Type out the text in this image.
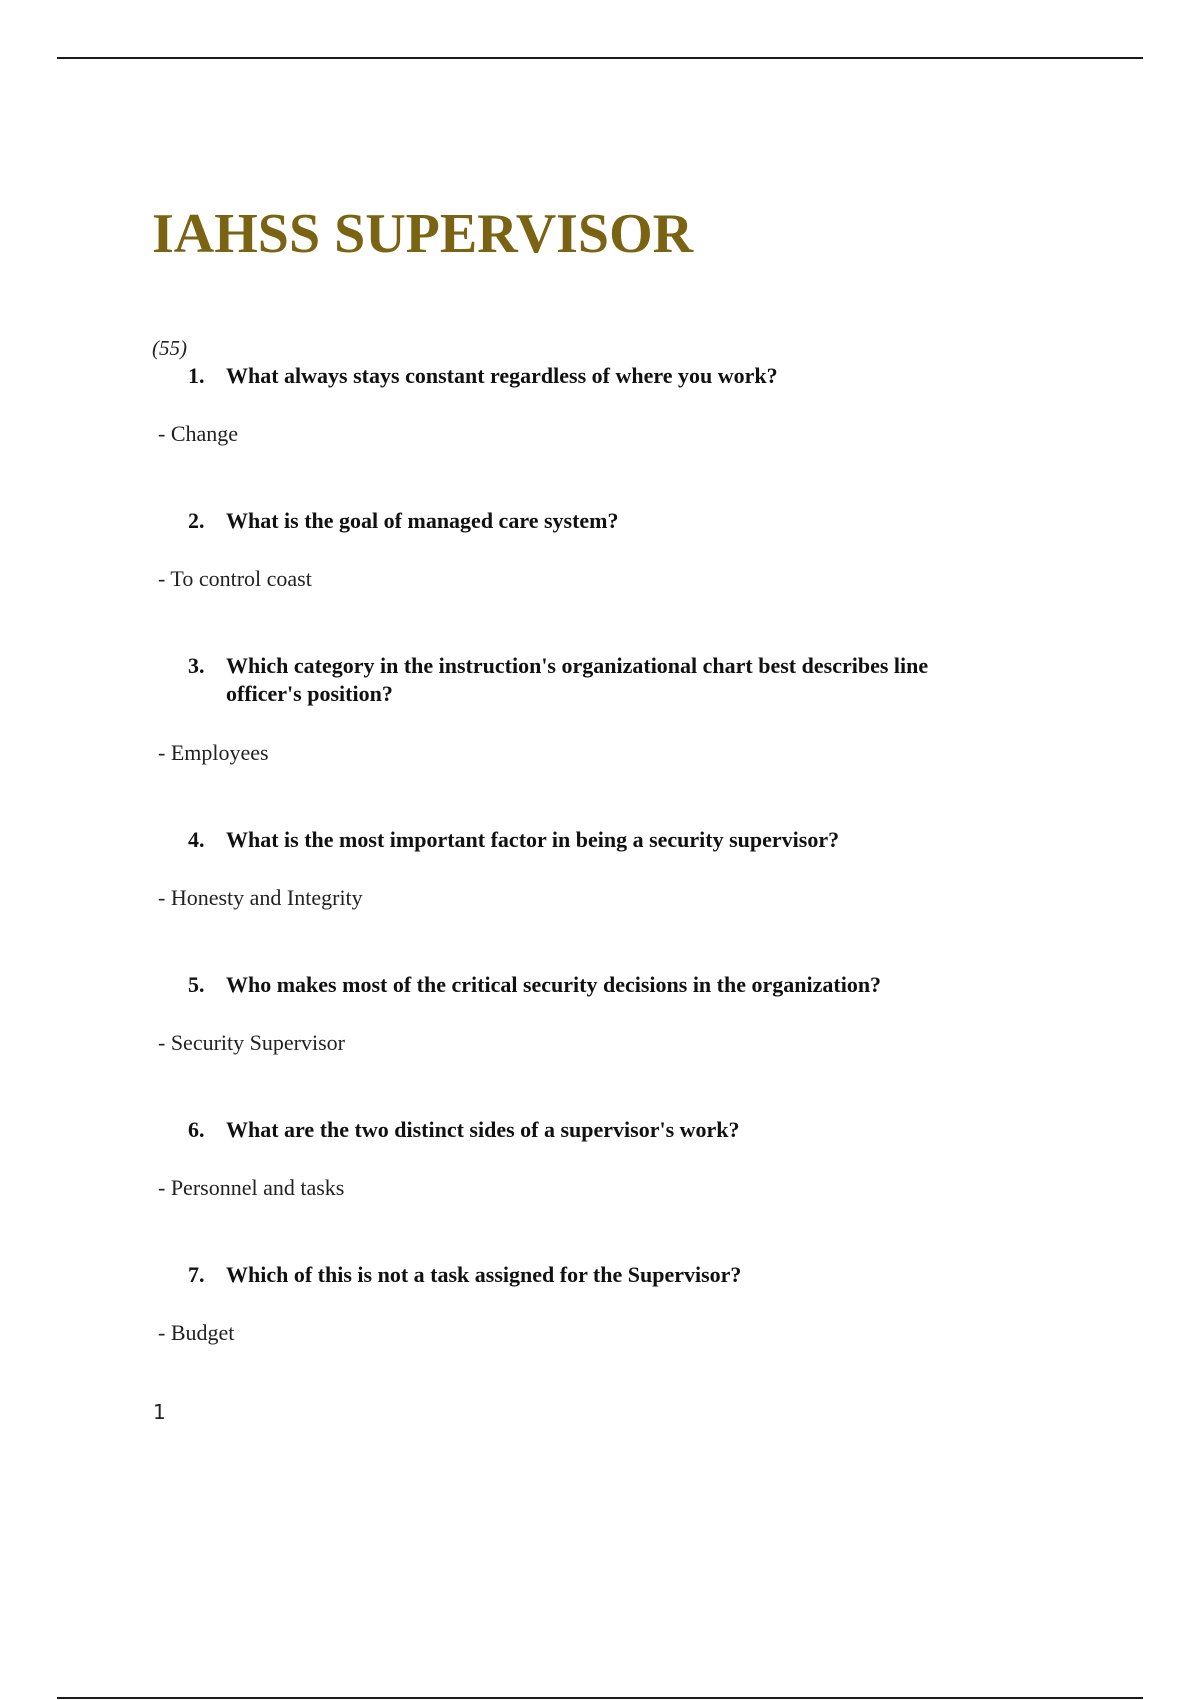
IAHSS SUPERVISOR
(55)
1. What always stays constant regardless of where you work?
- Change
2. What is the goal of managed care system?
- To control coast
3. Which category in the instruction's organizational chart best describes line officer's position?
- Employees
4. What is the most important factor in being a security supervisor?
- Honesty and Integrity
5. Who makes most of the critical security decisions in the organization?
- Security Supervisor
6. What are the two distinct sides of a supervisor's work?
- Personnel and tasks
7. Which of this is not a task assigned for the Supervisor?
- Budget
1
